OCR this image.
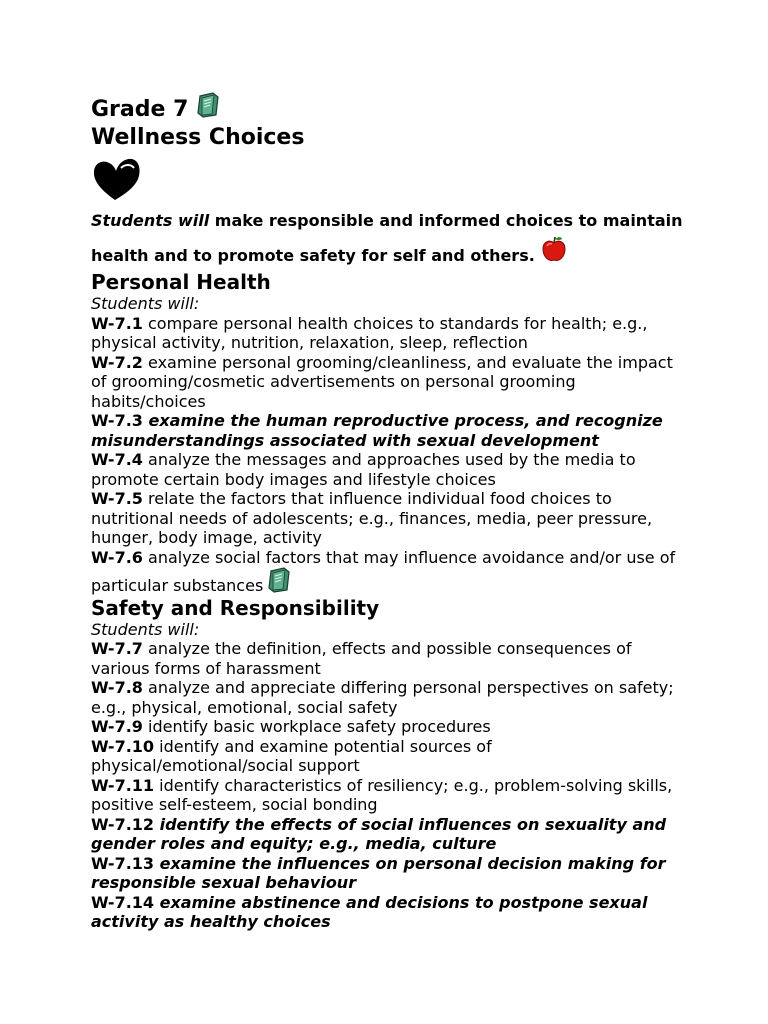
Grade 7
Wellness Choices

Students will make responsible and informed choices to maintain health and to promote safety for self and others.

Personal Health

Students will:

W-7.1 compare personal health choices to standards for health; e.g., physical activity, nutrition, relaxation, sleep, reflection

W-7.2 examine personal grooming/cleanliness, and evaluate the impact of grooming/cosmetic advertisements on personal grooming habits/choices

W-7.3 examine the human reproductive process, and recognize misunderstandings associated with sexual development

W-7.4 analyze the messages and approaches used by the media to promote certain body images and lifestyle choices

W-7.5 relate the factors that influence individual food choices to nutritional needs of adolescents; e.g., finances, media, peer pressure, hunger, body image, activity

W-7.6 analyze social factors that may influence avoidance and/or use of particular substances

Safety and Responsibility

Students will:

W-7.7 analyze the definition, effects and possible consequences of various forms of harassment

W-7.8 analyze and appreciate differing personal perspectives on safety; e.g., physical, emotional, social safety

W-7.9 identify basic workplace safety procedures

W-7.10 identify and examine potential sources of physical/emotional/social support

W-7.11 identify characteristics of resiliency; e.g., problem-solving skills, positive self-esteem, social bonding

W-7.12 identify the effects of social influences on sexuality and gender roles and equity; e.g., media, culture

W-7.13 examine the influences on personal decision making for responsible sexual behaviour

W-7.14 examine abstinence and decisions to postpone sexual activity as healthy choices
